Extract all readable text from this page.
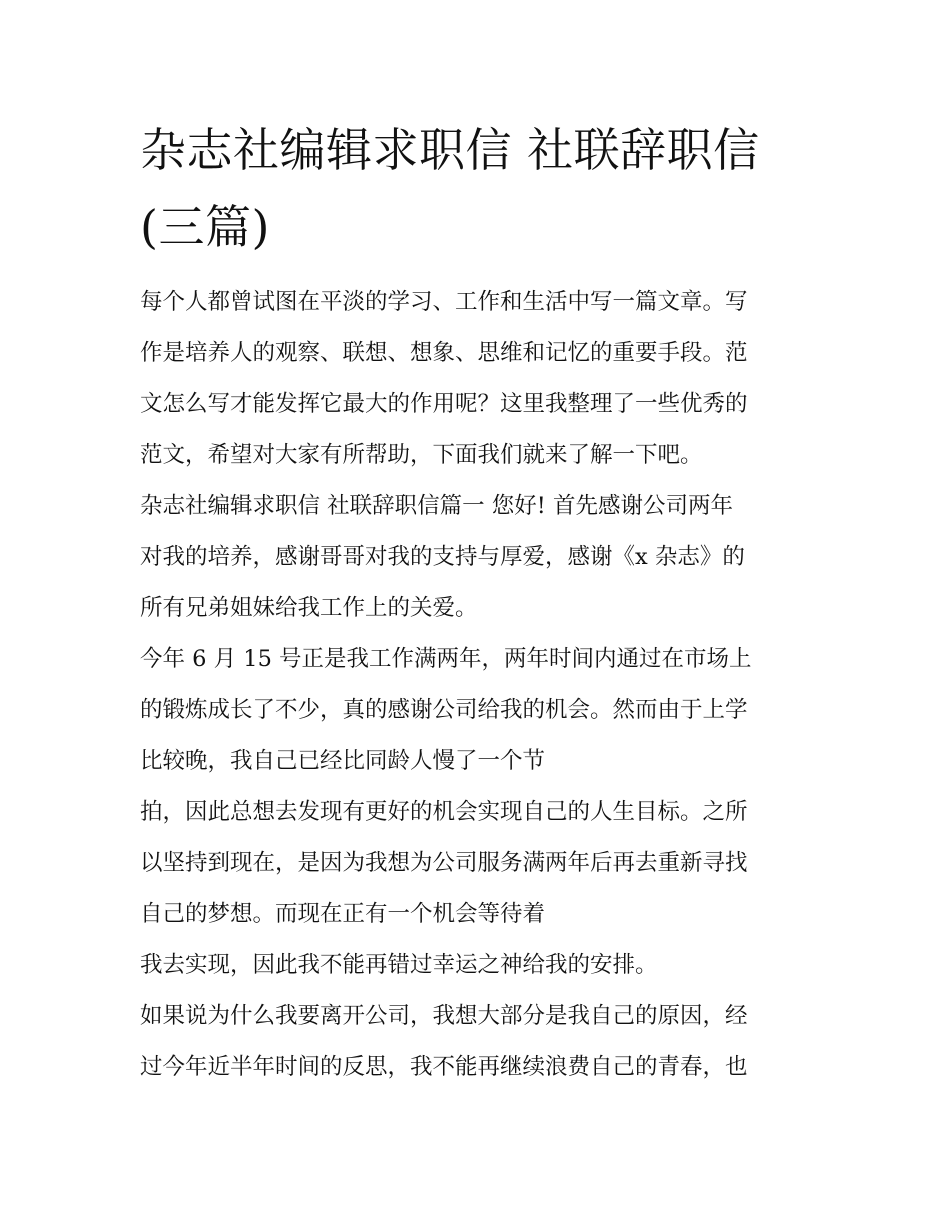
杂志社编辑求职信 社联辞职信
(三篇)
每个人都曾试图在平淡的学习、工作和生活中写一篇文章。写
作是培养人的观察、联想、想象、思维和记忆的重要手段。范
文怎么写才能发挥它最大的作用呢？这里我整理了一些优秀的
范文，希望对大家有所帮助，下面我们就来了解一下吧。
杂志社编辑求职信 社联辞职信篇一 您好! 首先感谢公司两年
对我的培养，感谢哥哥对我的支持与厚爱，感谢《x 杂志》的
所有兄弟姐妹给我工作上的关爱。
今年 6 月 15 号正是我工作满两年，两年时间内通过在市场上
的锻炼成长了不少，真的感谢公司给我的机会。然而由于上学
比较晚，我自己已经比同龄人慢了一个节
拍，因此总想去发现有更好的机会实现自己的人生目标。之所
以坚持到现在，是因为我想为公司服务满两年后再去重新寻找
自己的梦想。而现在正有一个机会等待着
我去实现，因此我不能再错过幸运之神给我的安排。
如果说为什么我要离开公司，我想大部分是我自己的原因，经
过今年近半年时间的反思，我不能再继续浪费自己的青春，也
